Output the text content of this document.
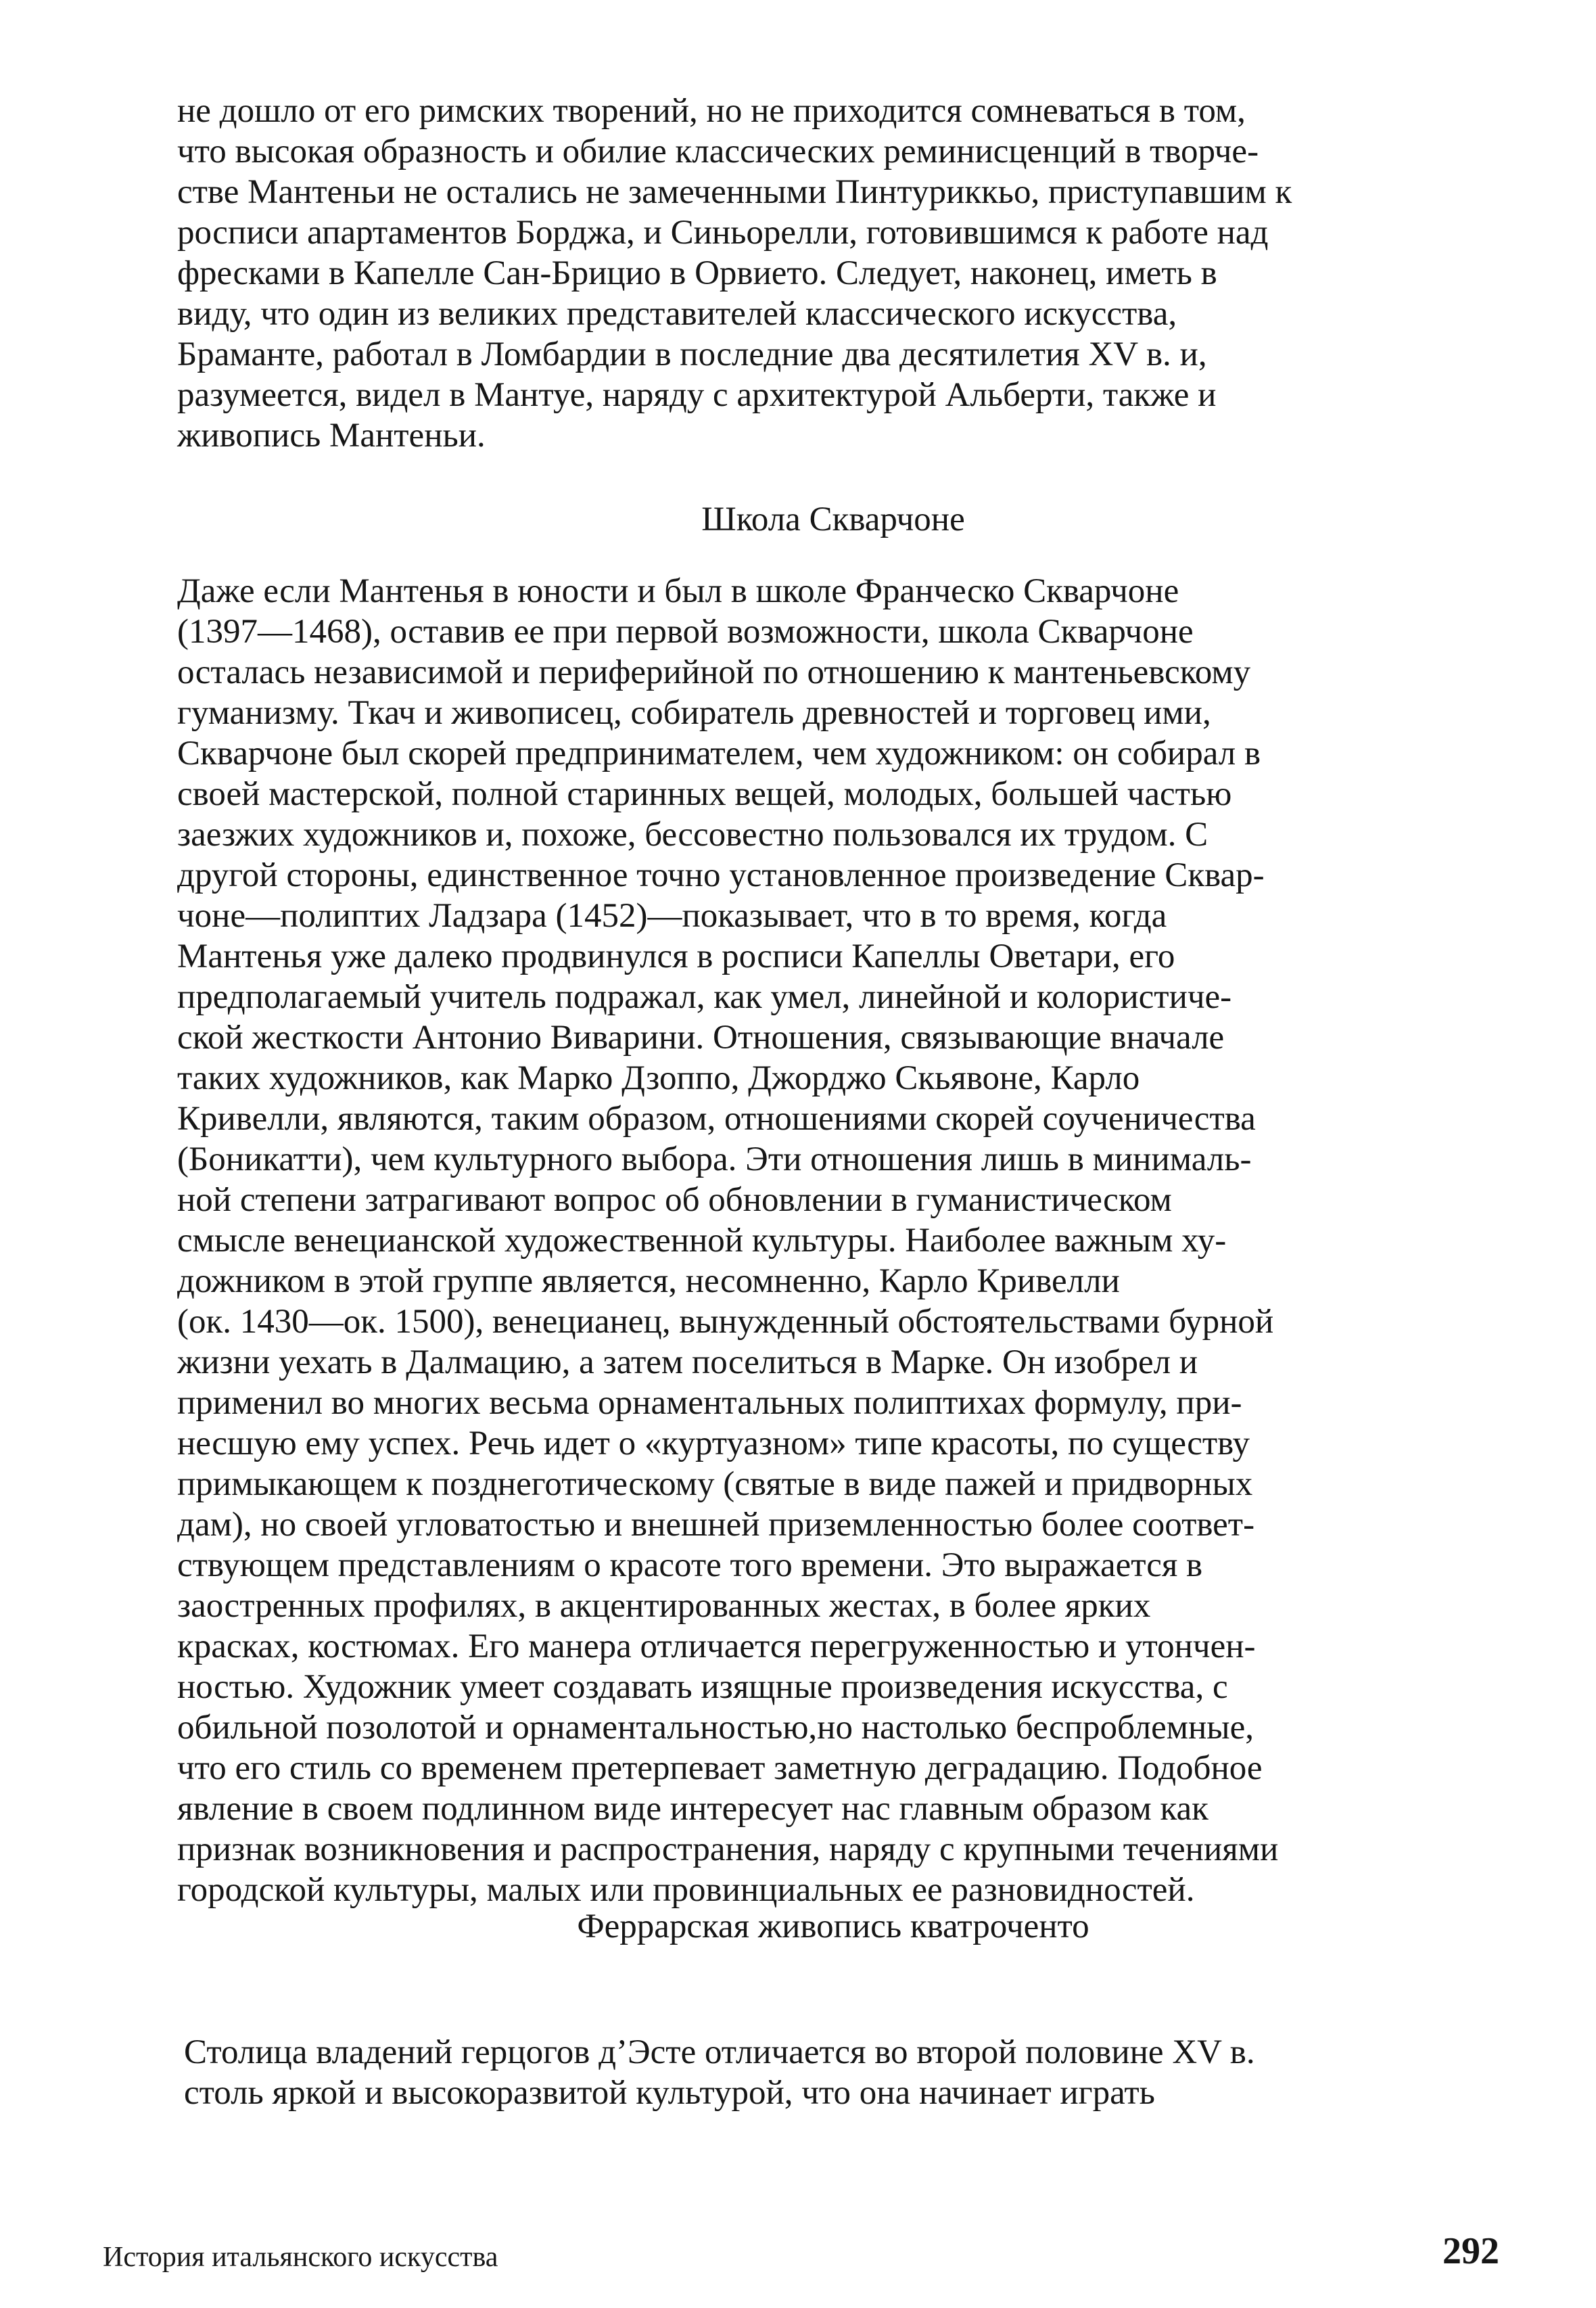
не дошло от его римских творений, но не приходится сомневаться в том,
что высокая образность и обилие классических реминисценций в творче-
стве Мантеньи не остались не замеченными Пинтуриккьо, приступавшим к
росписи апартаментов Борджа, и Синьорелли, готовившимся к работе над
фресками в Капелле Сан-Брицио в Орвието. Следует, наконец, иметь в
виду, что один из великих представителей классического искусства,
Браманте, работал в Ломбардии в последние два десятилетия XV в. и,
разумеется, видел в Мантуе, наряду с архитектурой Альберти, также и
живопись Мантеньи.

Школа Скварчоне

Даже если Мантенья в юности и был в школе Франческо Скварчоне
(1397—1468), оставив ее при первой возможности, школа Скварчоне
осталась независимой и периферийной по отношению к мантеньевскому
гуманизму. Ткач и живописец, собиратель древностей и торговец ими,
Скварчоне был скорей предпринимателем, чем художником: он собирал в
своей мастерской, полной старинных вещей, молодых, большей частью
заезжих художников и, похоже, бессовестно пользовался их трудом. С
другой стороны, единственное точно установленное произведение Сквар-
чоне—полиптих Ладзара (1452)—показывает, что в то время, когда
Мантенья уже далеко продвинулся в росписи Капеллы Оветари, его
предполагаемый учитель подражал, как умел, линейной и колористиче-
ской жесткости Антонио Виварини. Отношения, связывающие вначале
таких художников, как Марко Дзоппо, Джорджо Скьявоне, Карло
Кривелли, являются, таким образом, отношениями скорей соученичества
(Боникатти), чем культурного выбора. Эти отношения лишь в минималь-
ной степени затрагивают вопрос об обновлении в гуманистическом
смысле венецианской художественной культуры. Наиболее важным ху-
дожником в этой группе является, несомненно, Карло Кривелли
(ок. 1430—ок. 1500), венецианец, вынужденный обстоятельствами бурной
жизни уехать в Далмацию, а затем поселиться в Марке. Он изобрел и
применил во многих весьма орнаментальных полиптихах формулу, при-
несшую ему успех. Речь идет о «куртуазном» типе красоты, по существу
примыкающем к позднеготическому (святые в виде пажей и придворных
дам), но своей угловатостью и внешней приземленностью более соответ-
ствующем представлениям о красоте того времени. Это выражается в
заостренных профилях, в акцентированных жестах, в более ярких
красках, костюмах. Его манера отличается перегруженностью и утончен-
ностью. Художник умеет создавать изящные произведения искусства, с
обильной позолотой и орнаментальностью,но настолько беспроблемные,
что его стиль со временем претерпевает заметную деградацию. Подобное
явление в своем подлинном виде интересует нас главным образом как
признак возникновения и распространения, наряду с крупными течениями
городской культуры, малых или провинциальных ее разновидностей.

Феррарская живопись кватроченто

Столица владений герцогов д’Эсте отличается во второй половине XV в.
столь яркой и высокоразвитой культурой, что она начинает играть

История итальянского искусства	292
